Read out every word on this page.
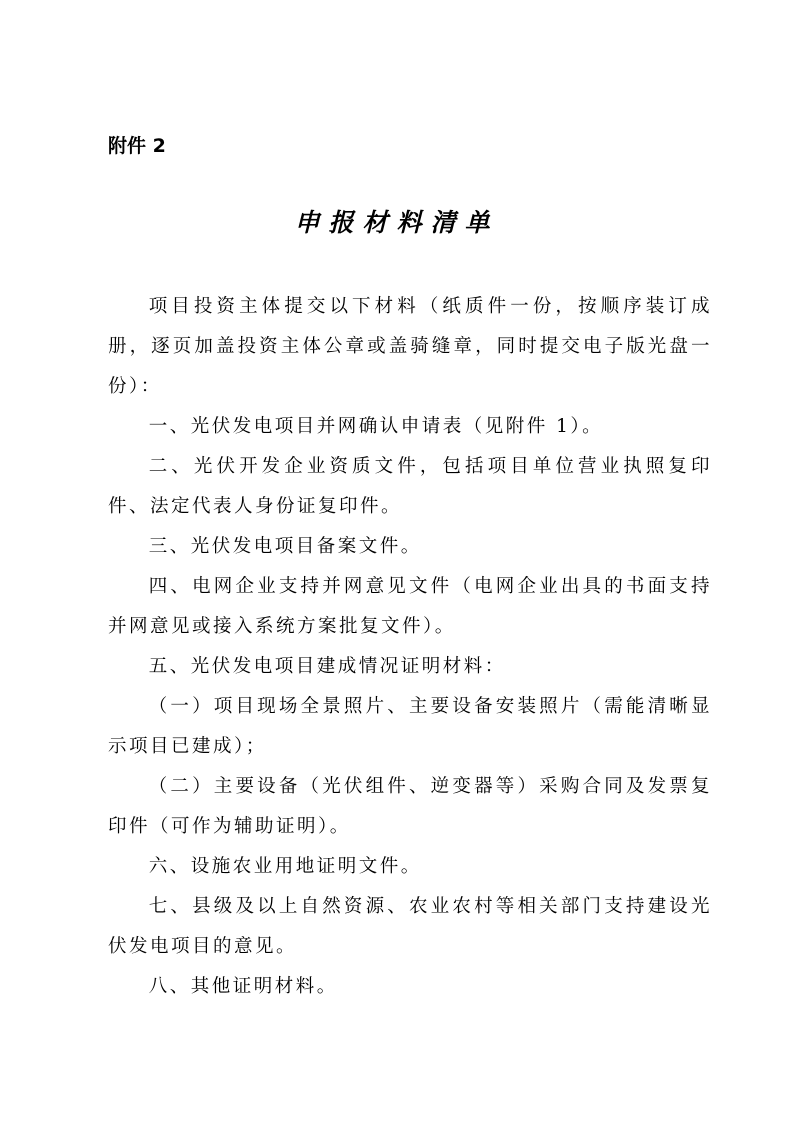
附件 2
申报材料清单

项目投资主体提交以下材料（纸质件一份，按顺序装订成册，逐页加盖投资主体公章或盖骑缝章，同时提交电子版光盘一份）：

一、光伏发电项目并网确认申请表（见附件 1）。

二、光伏开发企业资质文件，包括项目单位营业执照复印件、法定代表人身份证复印件。

三、光伏发电项目备案文件。

四、电网企业支持并网意见文件（电网企业出具的书面支持并网意见或接入系统方案批复文件）。

五、光伏发电项目建成情况证明材料：

（一）项目现场全景照片、主要设备安装照片（需能清晰显示项目已建成）；

（二）主要设备（光伏组件、逆变器等）采购合同及发票复印件（可作为辅助证明）。

六、设施农业用地证明文件。

七、县级及以上自然资源、农业农村等相关部门支持建设光伏发电项目的意见。

八、其他证明材料。
